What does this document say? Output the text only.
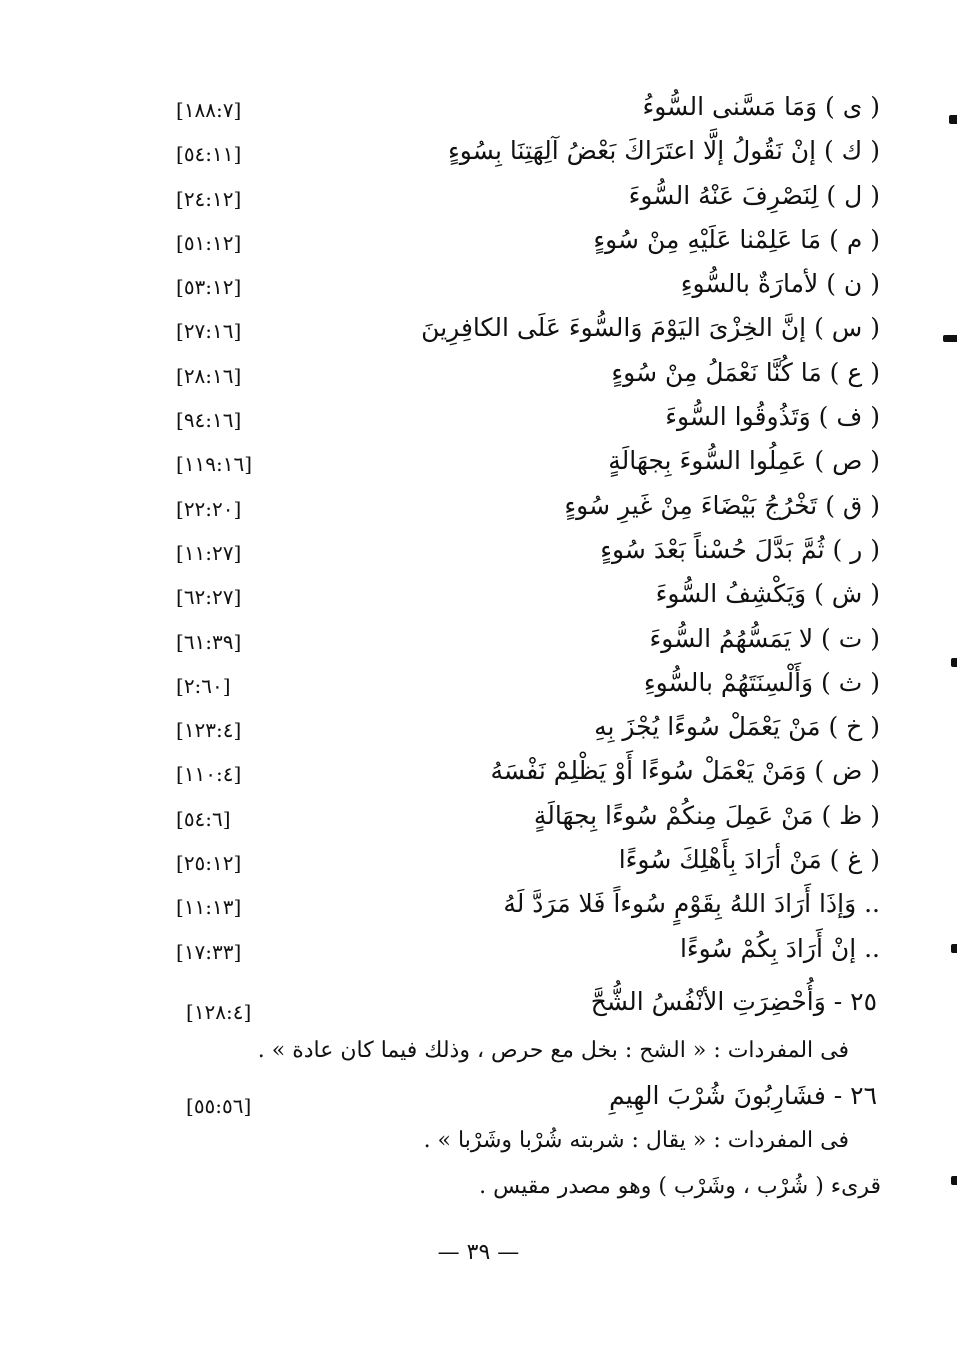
( ى ) وَمَا مَسَّنى السُّوءُ
[١٨٨:٧]
( ك ) إنْ نَقُولُ إلَّا اعتَرَاكَ بَعْضُ آلِهَتِنَا بِسُوءٍ
[٥٤:١١]
( ل ) لِنَصْرِفَ عَنْهُ السُّوءَ
[٢٤:١٢]
( م ) مَا عَلِمْنا عَلَيْهِ مِنْ سُوءٍ
[٥١:١٢]
( ن ) لأمارَةٌ بالسُّوءِ
[٥٣:١٢]
( س ) إنَّ الخِزْىَ اليَوْمَ وَالسُّوءَ عَلَى الكافِرِينَ
[٢٧:١٦]
( ع ) مَا كُنَّا نَعْمَلُ مِنْ سُوءٍ
[٢٨:١٦]
( ف ) وَتَذُوقُوا السُّوءَ
[٩٤:١٦]
( ص ) عَمِلُوا السُّوءَ بِجهَالَةٍ
[١١٩:١٦]
( ق ) تَخْرُجُ بَيْضَاءَ مِنْ غَيرِ سُوءٍ
[٢٢:٢٠]
( ر ) ثُمَّ بَدَّلَ حُسْناً بَعْدَ سُوءٍ
[١١:٢٧]
( ش ) وَيَكْشِفُ السُّوءَ
[٦٢:٢٧]
( ت ) لا يَمَسُّهُمُ السُّوءَ
[٦١:٣٩]
( ث ) وَأَلْسِنَتَهُمْ بالسُّوءِ
[٢:٦٠]
( خ ) مَنْ يَعْمَلْ سُوءًا يُجْزَ بِهِ
[١٢٣:٤]
( ض ) وَمَنْ يَعْمَلْ سُوءًا أَوْ يَظْلِمْ نَفْسَهُ
[١١٠:٤]
( ظ ) مَنْ عَمِلَ مِنكُمْ سُوءًا بِجهَالَةٍ
[٥٤:٦]
( غ ) مَنْ أرَادَ بِأَهْلِكَ سُوءًا
[٢٥:١٢]
.. وَإذَا أَرَادَ اللهُ بِقَوْمٍ سُوءاً فَلا مَرَدَّ لَهُ
[١١:١٣]
.. إنْ أَرَادَ بِكُمْ سُوءًا
[١٧:٣٣]
٢٥ - وَأُحْضِرَتِ الأنْفُسُ الشُّحَّ
[١٢٨:٤]
فى المفردات : « الشح : بخل مع حرص ، وذلك فيما كان عادة » .
٢٦ - فشَارِبُونَ شُرْبَ الهِيمِ
[٥٥:٥٦]
فى المفردات : « يقال : شربته شُرْبا وشَرْبا » .
قرىء ( شُرْب ، وشَرْب ) وهو مصدر مقيس .
— ٣٩ —
